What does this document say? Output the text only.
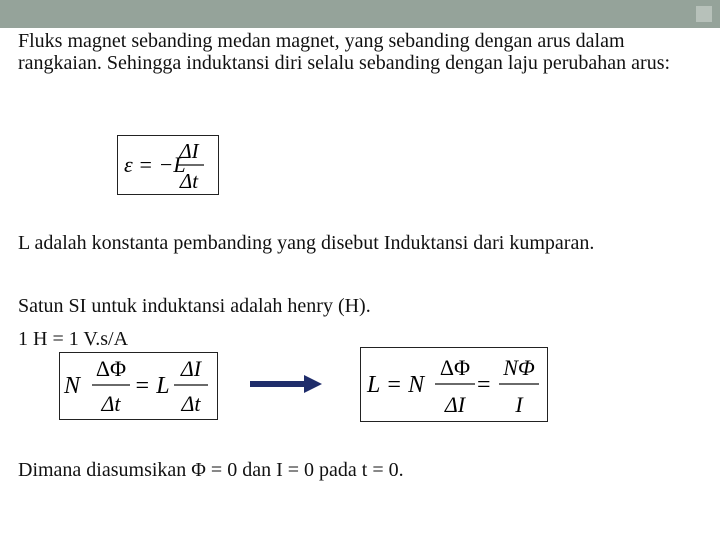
Fluks magnet sebanding medan magnet, yang sebanding dengan arus dalam rangkaian. Sehingga induktansi diri selalu sebanding dengan laju perubahan arus:

ε = −L
ΔI
Δt

L adalah konstanta pembanding yang disebut Induktansi dari kumparan.

Satun SI untuk induktansi adalah henry (H).

1 H = 1 V.s/A

N
ΔΦ
Δt
= L
ΔI
Δt
L = N
ΔΦ
ΔI
=
NΦ
I

Dimana diasumsikan Φ = 0 dan I = 0 pada t = 0.
